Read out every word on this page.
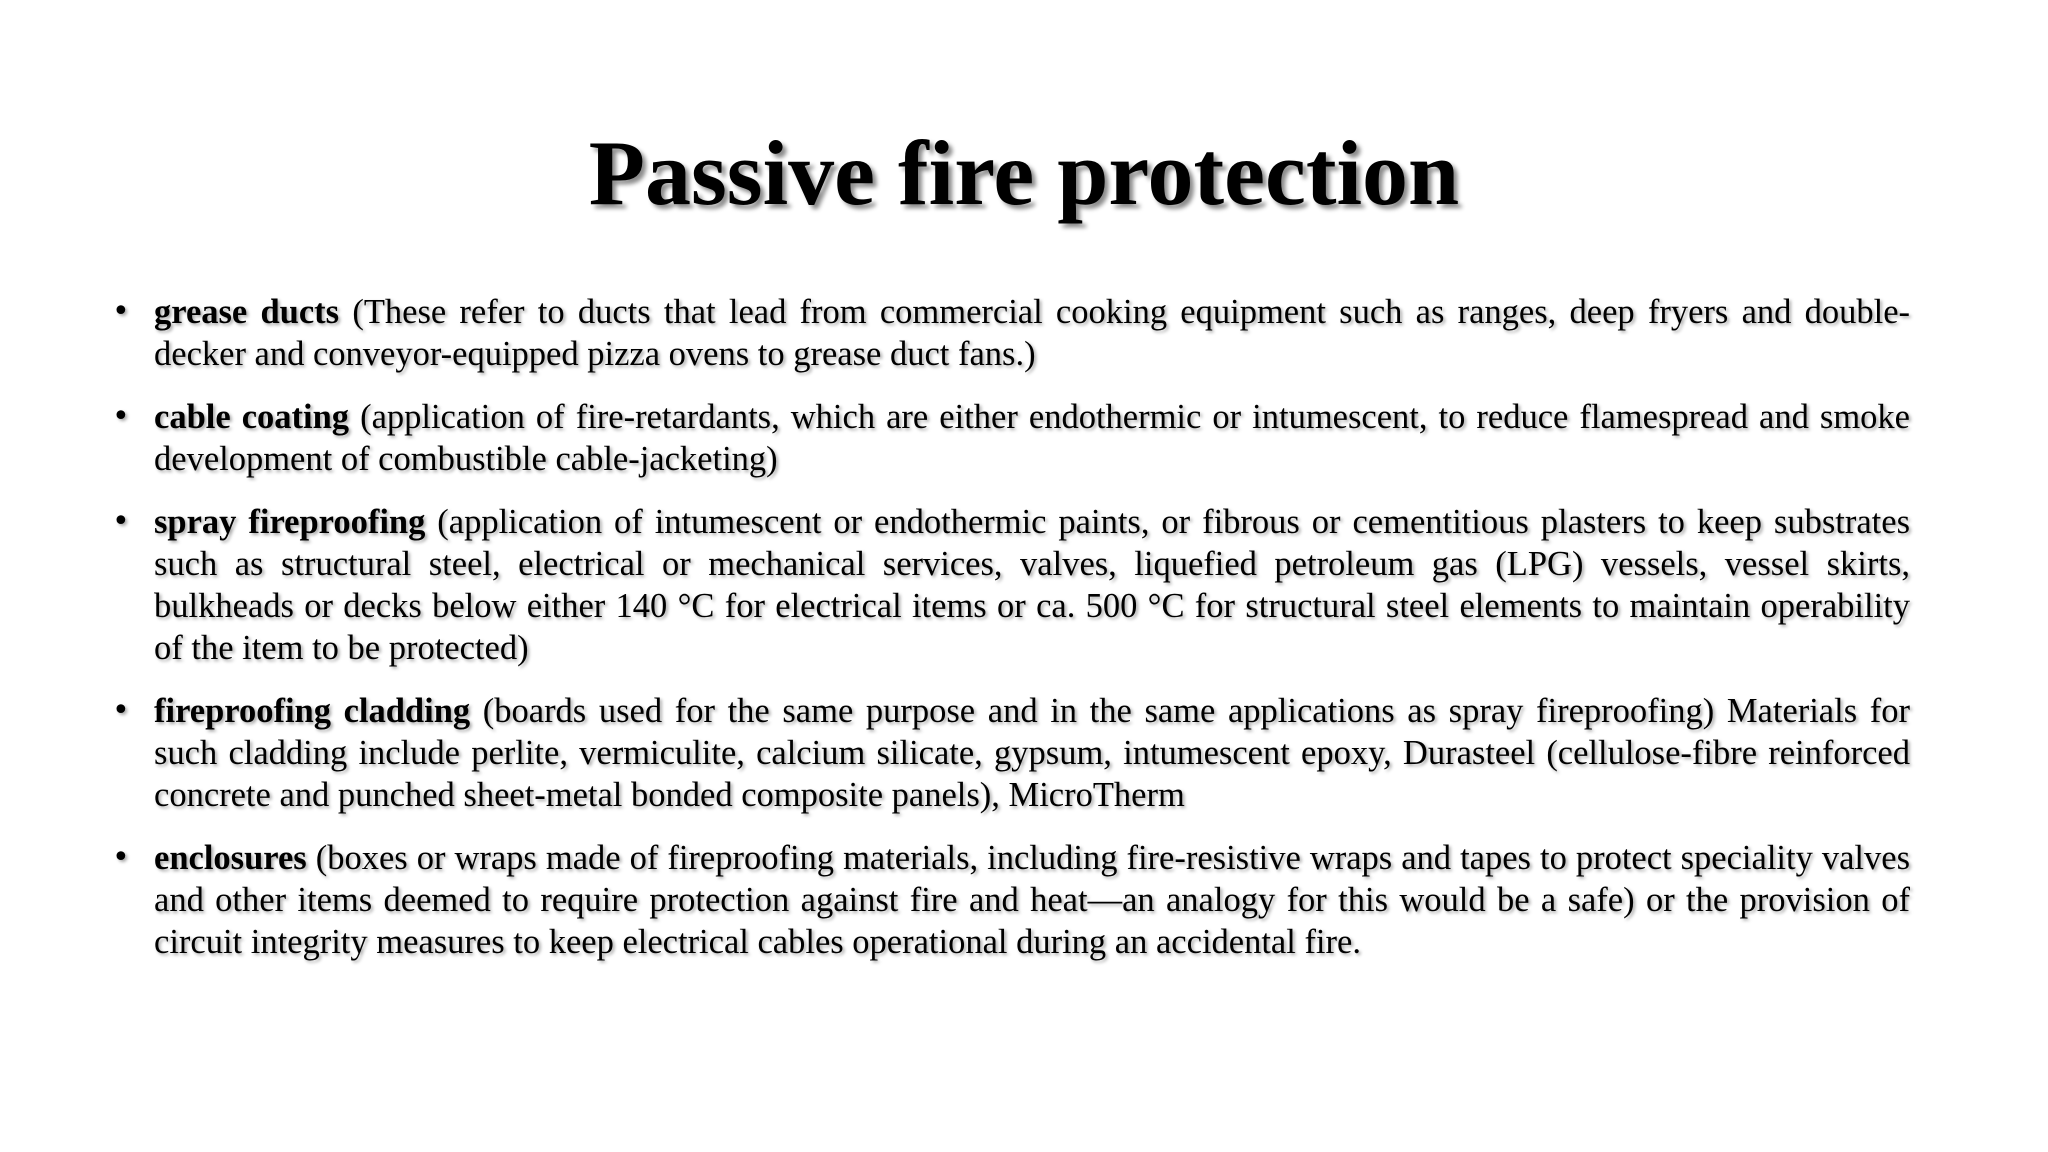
Passive fire protection
• grease ducts (These refer to ducts that lead from commercial cooking equipment such as ranges, deep fryers and double-decker and conveyor-equipped pizza ovens to grease duct fans.)
• cable coating (application of fire-retardants, which are either endothermic or intumescent, to reduce flamespread and smoke development of combustible cable-jacketing)
• spray fireproofing (application of intumescent or endothermic paints, or fibrous or cementitious plasters to keep substrates such as structural steel, electrical or mechanical services, valves, liquefied petroleum gas (LPG) vessels, vessel skirts, bulkheads or decks below either 140 °C for electrical items or ca. 500 °C for structural steel elements to maintain operability of the item to be protected)
• fireproofing cladding (boards used for the same purpose and in the same applications as spray fireproofing) Materials for such cladding include perlite, vermiculite, calcium silicate, gypsum, intumescent epoxy, Durasteel (cellulose-fibre reinforced concrete and punched sheet-metal bonded composite panels), MicroTherm
• enclosures (boxes or wraps made of fireproofing materials, including fire-resistive wraps and tapes to protect speciality valves and other items deemed to require protection against fire and heat—an analogy for this would be a safe) or the provision of circuit integrity measures to keep electrical cables operational during an accidental fire.
